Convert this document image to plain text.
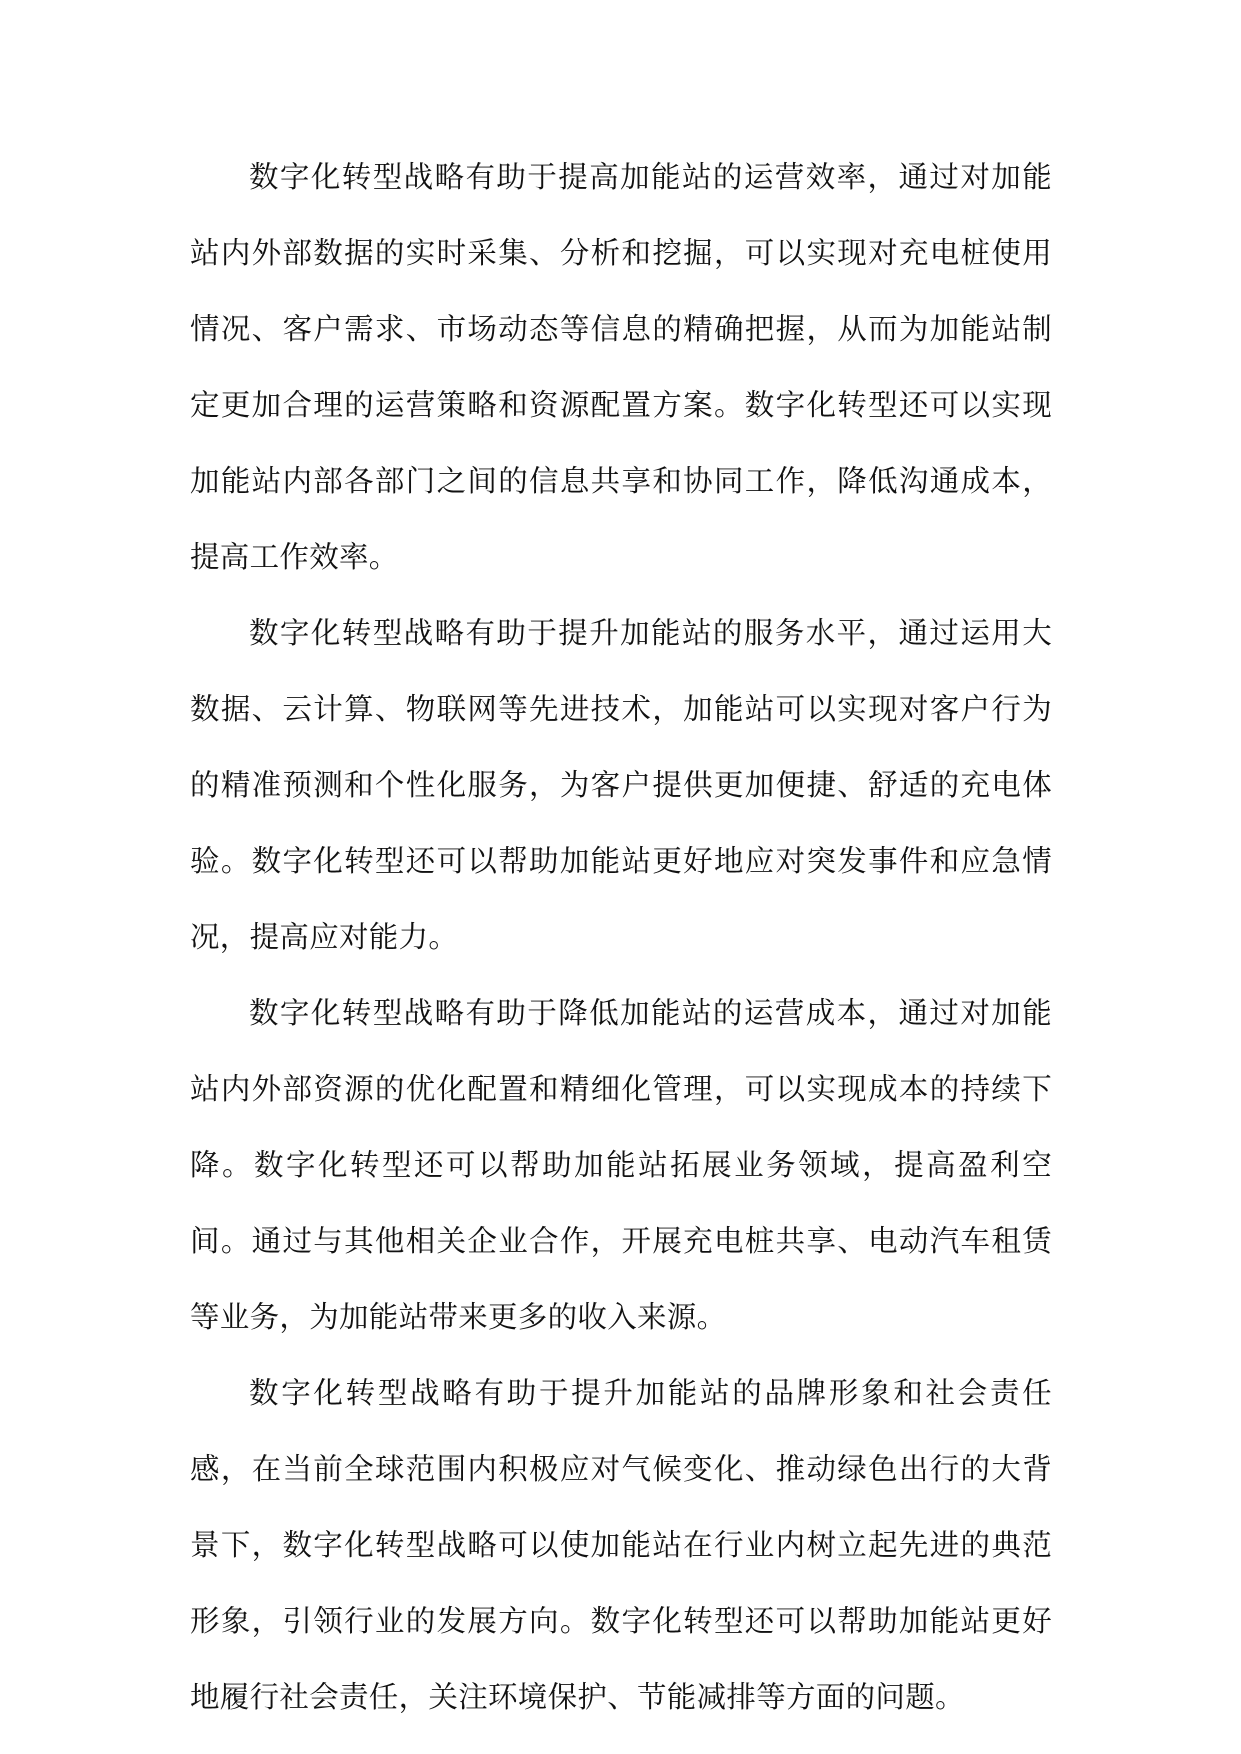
数字化转型战略有助于提高加能站的运营效率，通过对加能站内外部数据的实时采集、分析和挖掘，可以实现对充电桩使用情况、客户需求、市场动态等信息的精确把握，从而为加能站制定更加合理的运营策略和资源配置方案。数字化转型还可以实现加能站内部各部门之间的信息共享和协同工作，降低沟通成本，提高工作效率。

数字化转型战略有助于提升加能站的服务水平，通过运用大数据、云计算、物联网等先进技术，加能站可以实现对客户行为的精准预测和个性化服务，为客户提供更加便捷、舒适的充电体验。数字化转型还可以帮助加能站更好地应对突发事件和应急情况，提高应对能力。

数字化转型战略有助于降低加能站的运营成本，通过对加能站内外部资源的优化配置和精细化管理，可以实现成本的持续下降。数字化转型还可以帮助加能站拓展业务领域，提高盈利空间。通过与其他相关企业合作，开展充电桩共享、电动汽车租赁等业务，为加能站带来更多的收入来源。

数字化转型战略有助于提升加能站的品牌形象和社会责任感，在当前全球范围内积极应对气候变化、推动绿色出行的大背景下，数字化转型战略可以使加能站在行业内树立起先进的典范形象，引领行业的发展方向。数字化转型还可以帮助加能站更好地履行社会责任，关注环境保护、节能减排等方面的问题。
